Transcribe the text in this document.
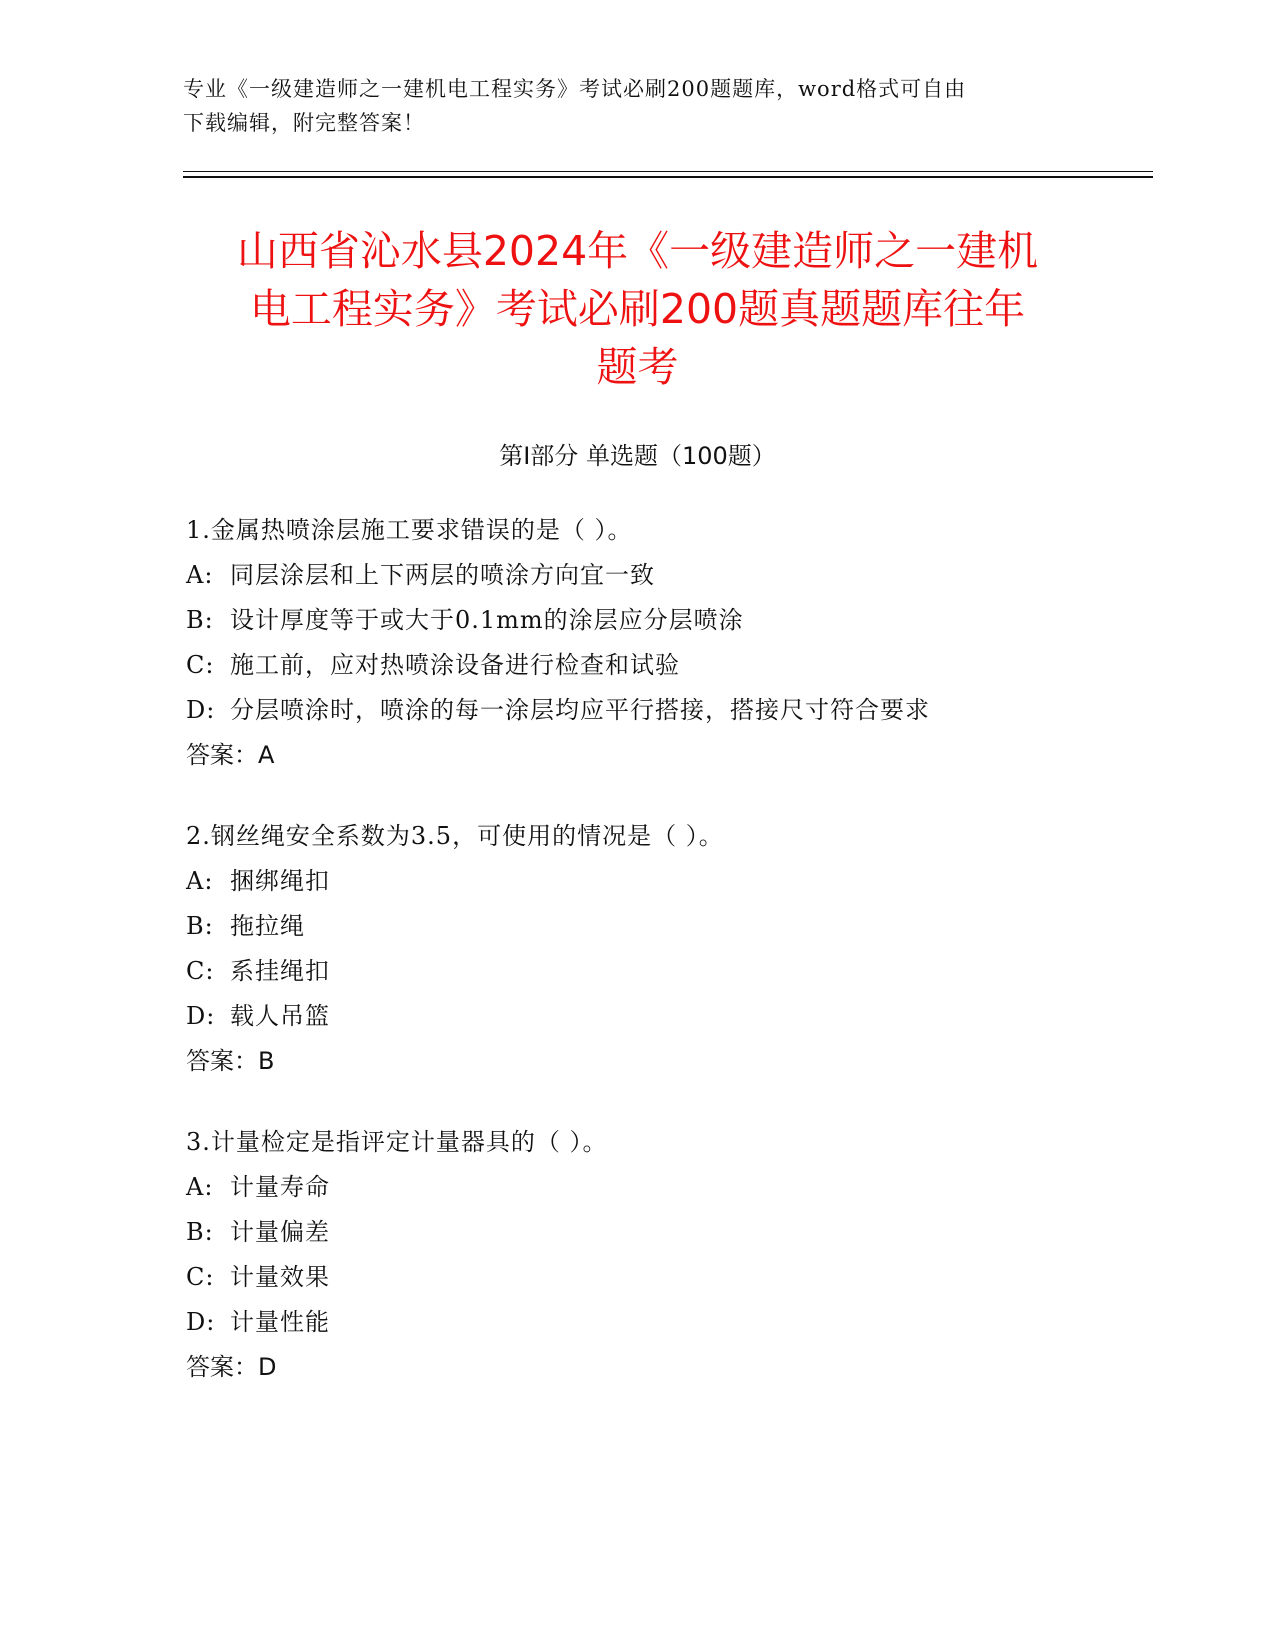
专业《一级建造师之一建机电工程实务》考试必刷200题题库，word格式可自由
下载编辑，附完整答案！
山西省沁水县2024年《一级建造师之一建机
电工程实务》考试必刷200题真题题库往年
题考
第Ⅰ部分 单选题（100题）
1.金属热喷涂层施工要求错误的是（ ）。
A: 同层涂层和上下两层的喷涂方向宜一致
B: 设计厚度等于或大于0.1mm的涂层应分层喷涂
C: 施工前，应对热喷涂设备进行检查和试验
D: 分层喷涂时，喷涂的每一涂层均应平行搭接，搭接尺寸符合要求
答案：A
2.钢丝绳安全系数为3.5，可使用的情况是（ ）。
A: 捆绑绳扣
B: 拖拉绳
C: 系挂绳扣
D: 载人吊篮
答案：B
3.计量检定是指评定计量器具的（ ）。
A: 计量寿命
B: 计量偏差
C: 计量效果
D: 计量性能
答案：D
